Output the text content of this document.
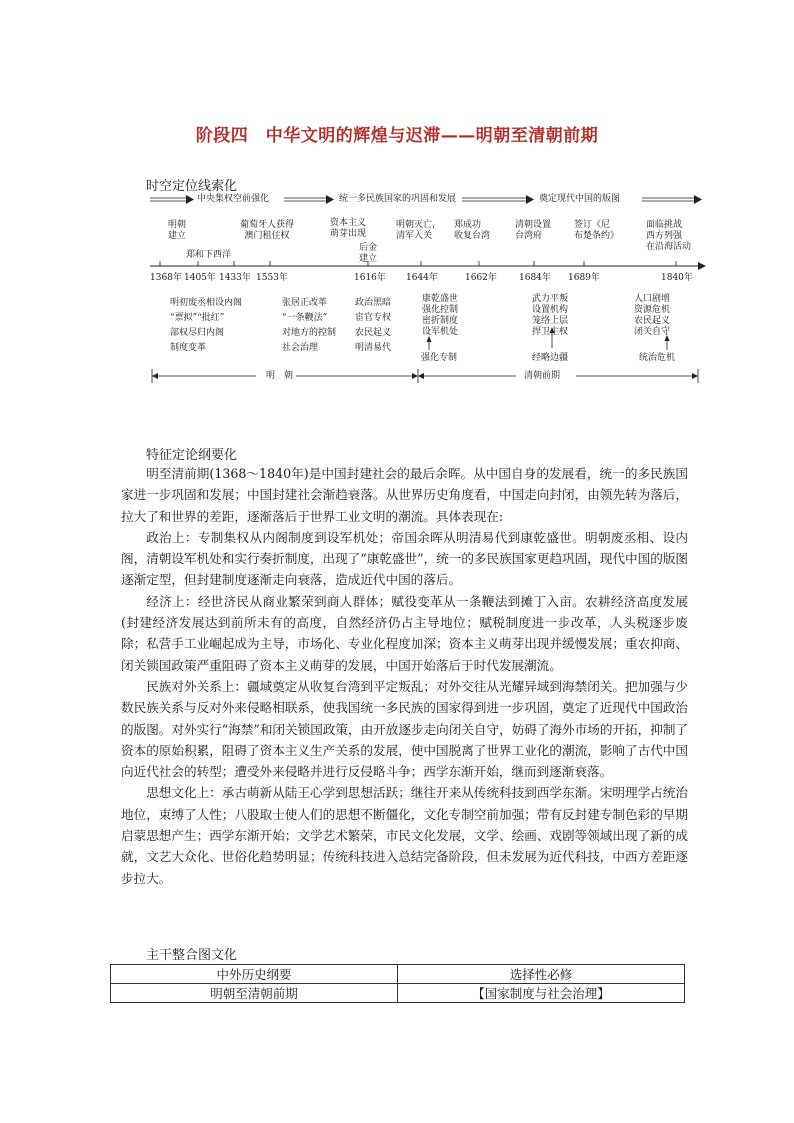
阶段四　中华文明的辉煌与迟滞——明朝至清朝前期
时空定位线索化
中央集权空前强化	统一多民族国家的巩固和发展	奠定现代中国的版图
明朝
建立
郑和下西洋
葡萄牙人获得
澳门租住权
资本主义
萌芽出现
后金
建立
明朝灭亡，
清军入关
郑成功
收复台湾
清朝设置
台湾府
签订《尼
布楚条约》
面临挑战
西方列强
在沿海活动
1368年 1405年 1433年 1553年	1616年 1644年	1662年 1684年 1689年	1840年
明初废丞相设内阁
“票拟”“批红”
部权尽归内阁
制度变革
张居正改革
“一条鞭法”
对地方的控制
社会治理
政治黑暗
宦官专权
农民起义
明清易代
康乾盛世
强化控制
密折制度
设军机处
强化专制
武力平叛
设置机构
笼络上层
捍卫主权
经略边疆
人口剧增
资源危机
农民起义
闭关自守
统治危机
明　朝	清朝前期
特征定论纲要化

明至清前期(1368～1840年)是中国封建社会的最后余晖。从中国自身的发展看，统一的多民族国家进一步巩固和发展；中国封建社会渐趋衰落。从世界历史角度看，中国走向封闭，由领先转为落后，拉大了和世界的差距，逐渐落后于世界工业文明的潮流。具体表现在:

政治上：专制集权从内阁制度到设军机处；帝国余晖从明清易代到康乾盛世。明朝废丞相、设内阁，清朝设军机处和实行奏折制度，出现了“康乾盛世”，统一的多民族国家更趋巩固，现代中国的版图逐渐定型，但封建制度逐渐走向衰落，造成近代中国的落后。

经济上：经世济民从商业繁荣到商人群体；赋役变革从一条鞭法到摊丁入亩。农耕经济高度发展(封建经济发展达到前所未有的高度，自然经济仍占主导地位；赋税制度进一步改革，人头税逐步废除；私营手工业崛起成为主导，市场化、专业化程度加深；资本主义萌芽出现并缓慢发展；重农抑商、闭关锁国政策严重阻碍了资本主义萌芽的发展，中国开始落后于时代发展潮流。

民族对外关系上：疆域奠定从收复台湾到平定叛乱；对外交往从光耀异域到海禁闭关。把加强与少数民族关系与反对外来侵略相联系，使我国统一多民族的国家得到进一步巩固，奠定了近现代中国政治的版图。对外实行“海禁”和闭关锁国政策，由开放逐步走向闭关自守，妨碍了海外市场的开拓，抑制了资本的原始积累，阻碍了资本主义生产关系的发展，使中国脱离了世界工业化的潮流，影响了古代中国向近代社会的转型；遭受外来侵略并进行反侵略斗争；西学东渐开始，继而到逐渐衰落。

思想文化上：承古萌新从陆王心学到思想活跃；继往开来从传统科技到西学东渐。宋明理学占统治地位，束缚了人性；八股取士使人们的思想不断僵化，文化专制空前加强；带有反封建专制色彩的早期启蒙思想产生；西学东渐开始；文学艺术繁荣，市民文化发展，文学、绘画、戏剧等领域出现了新的成就，文艺大众化、世俗化趋势明显；传统科技进入总结完备阶段，但未发展为近代科技，中西方差距逐步拉大。

主干整合图文化
中外历史纲要	选择性必修
明朝至清朝前期	【国家制度与社会治理】
